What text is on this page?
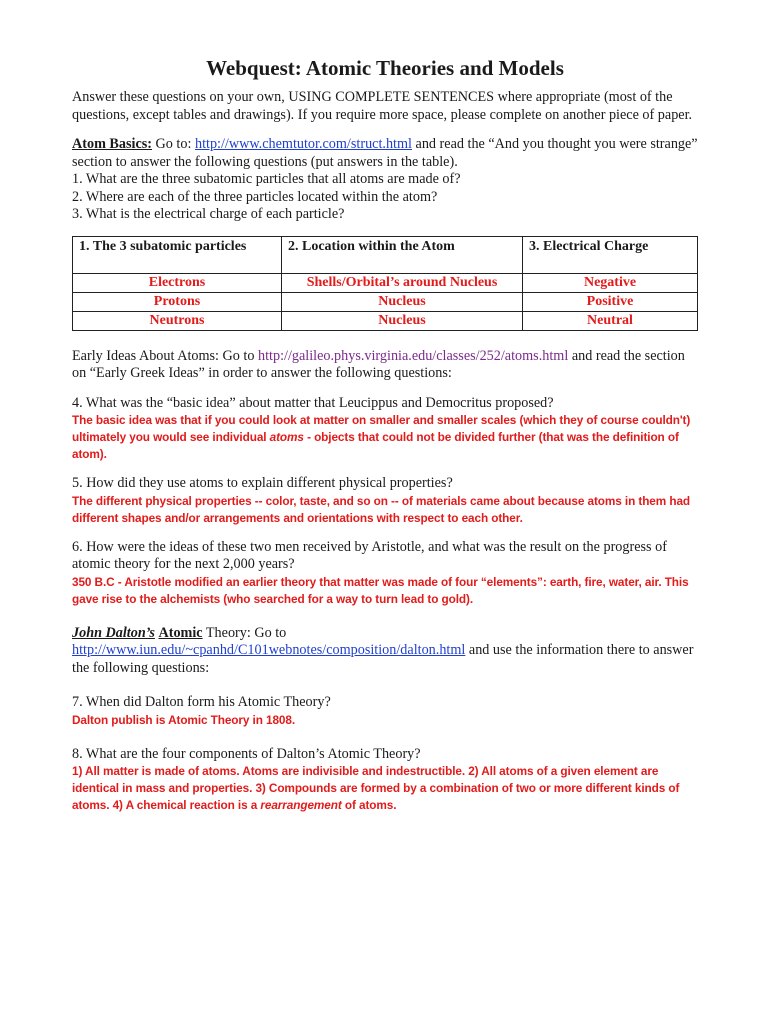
Webquest: Atomic Theories and Models

Answer these questions on your own, USING COMPLETE SENTENCES where appropriate (most of the questions, except tables and drawings). If you require more space, please complete on another piece of paper.

Atom Basics: Go to: http://www.chemtutor.com/struct.html and read the “And you thought you were strange” section to answer the following questions (put answers in the table).

1. What are the three subatomic particles that all atoms are made of?

2. Where are each of the three particles located within the atom?

3. What is the electrical charge of each particle?

1. The 3 subatomic particles	2. Location within the Atom	3. Electrical Charge
Electrons	Shells/Orbital’s around Nucleus	Negative
Protons	Nucleus	Positive
Neutrons	Nucleus	Neutral

Early Ideas About Atoms: Go to http://galileo.phys.virginia.edu/classes/252/atoms.html and read the section on “Early Greek Ideas” in order to answer the following questions:

4. What was the “basic idea” about matter that Leucippus and Democritus proposed?

The basic idea was that if you could look at matter on smaller and smaller scales (which they of course couldn't) ultimately you would see individual atoms - objects that could not be divided further (that was the definition of atom).

5. How did they use atoms to explain different physical properties?

The different physical properties -- color, taste, and so on -- of materials came about because atoms in them had different shapes and/or arrangements and orientations with respect to each other.

6. How were the ideas of these two men received by Aristotle, and what was the result on the progress of atomic theory for the next 2,000 years?

350 B.C - Aristotle modified an earlier theory that matter was made of four “elements”: earth, fire, water, air. This gave rise to the alchemists (who searched for a way to turn lead to gold).

John Dalton’s Atomic Theory: Go to
http://www.iun.edu/~cpanhd/C101webnotes/composition/dalton.html and use the information there to answer the following questions:

7. When did Dalton form his Atomic Theory?

Dalton publish is Atomic Theory in 1808.

8. What are the four components of Dalton’s Atomic Theory?

1) All matter is made of atoms. Atoms are indivisible and indestructible. 2) All atoms of a given element are identical in mass and properties. 3) Compounds are formed by a combination of two or more different kinds of atoms. 4) A chemical reaction is a rearrangement of atoms.
